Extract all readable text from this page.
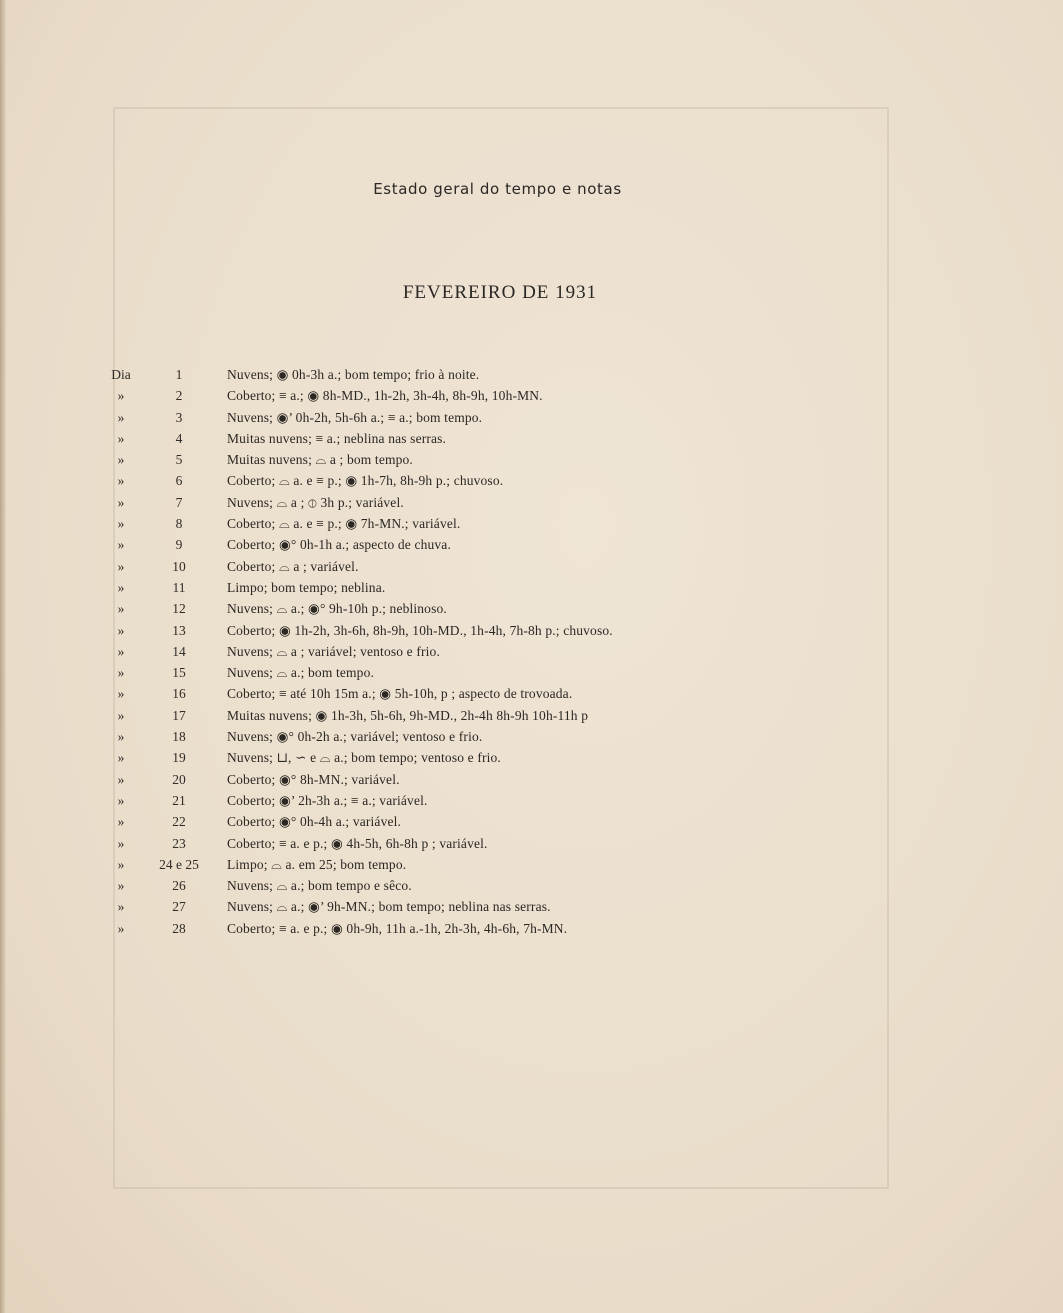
Estado geral do tempo e notas
FEVEREIRO DE 1931
Dia	1	Nuvens; ◉ 0h-3h a.; bom tempo; frio à noite.
»	2	Coberto; ≡ a.; ◉ 8h-MD., 1h-2h, 3h-4h, 8h-9h, 10h-MN.
»	3	Nuvens; ◉’ 0h-2h, 5h-6h a.; ≡ a.; bom tempo.
»	4	Muitas nuvens; ≡ a.; neblina nas serras.
»	5	Muitas nuvens; ⌓ a ; bom tempo.
»	6	Coberto; ⌓ a. e ≡ p.; ◉ 1h-7h, 8h-9h p.; chuvoso.
»	7	Nuvens; ⌓ a ; ⦶ 3h p.; variável.
»	8	Coberto; ⌓ a. e ≡ p.; ◉ 7h-MN.; variável.
»	9	Coberto; ◉° 0h-1h a.; aspecto de chuva.
»	10	Coberto; ⌓ a ; variável.
»	11	Limpo; bom tempo; neblina.
»	12	Nuvens; ⌓ a.; ◉° 9h-10h p.; neblinoso.
»	13	Coberto; ◉ 1h-2h, 3h-6h, 8h-9h, 10h-MD., 1h-4h, 7h-8h p.; chuvoso.
»	14	Nuvens; ⌓ a ; variável; ventoso e frio.
»	15	Nuvens; ⌓ a.; bom tempo.
»	16	Coberto; ≡ até 10h 15m a.; ◉ 5h-10h, p ; aspecto de trovoada.
»	17	Muitas nuvens; ◉ 1h-3h, 5h-6h, 9h-MD., 2h-4h 8h-9h 10h-11h p
»	18	Nuvens; ◉° 0h-2h a.; variável; ventoso e frio.
»	19	Nuvens; ⊔, ∽ e ⌓ a.; bom tempo; ventoso e frio.
»	20	Coberto; ◉° 8h-MN.; variável.
»	21	Coberto; ◉’ 2h-3h a.; ≡ a.; variável.
»	22	Coberto; ◉° 0h-4h a.; variável.
»	23	Coberto; ≡ a. e p.; ◉ 4h-5h, 6h-8h p ; variável.
»	24 e 25	Limpo; ⌓ a. em 25; bom tempo.
»	26	Nuvens; ⌓ a.; bom tempo e sêco.
»	27	Nuvens; ⌓ a.; ◉’ 9h-MN.; bom tempo; neblina nas serras.
»	28	Coberto; ≡ a. e p.; ◉ 0h-9h, 11h a.-1h, 2h-3h, 4h-6h, 7h-MN.
